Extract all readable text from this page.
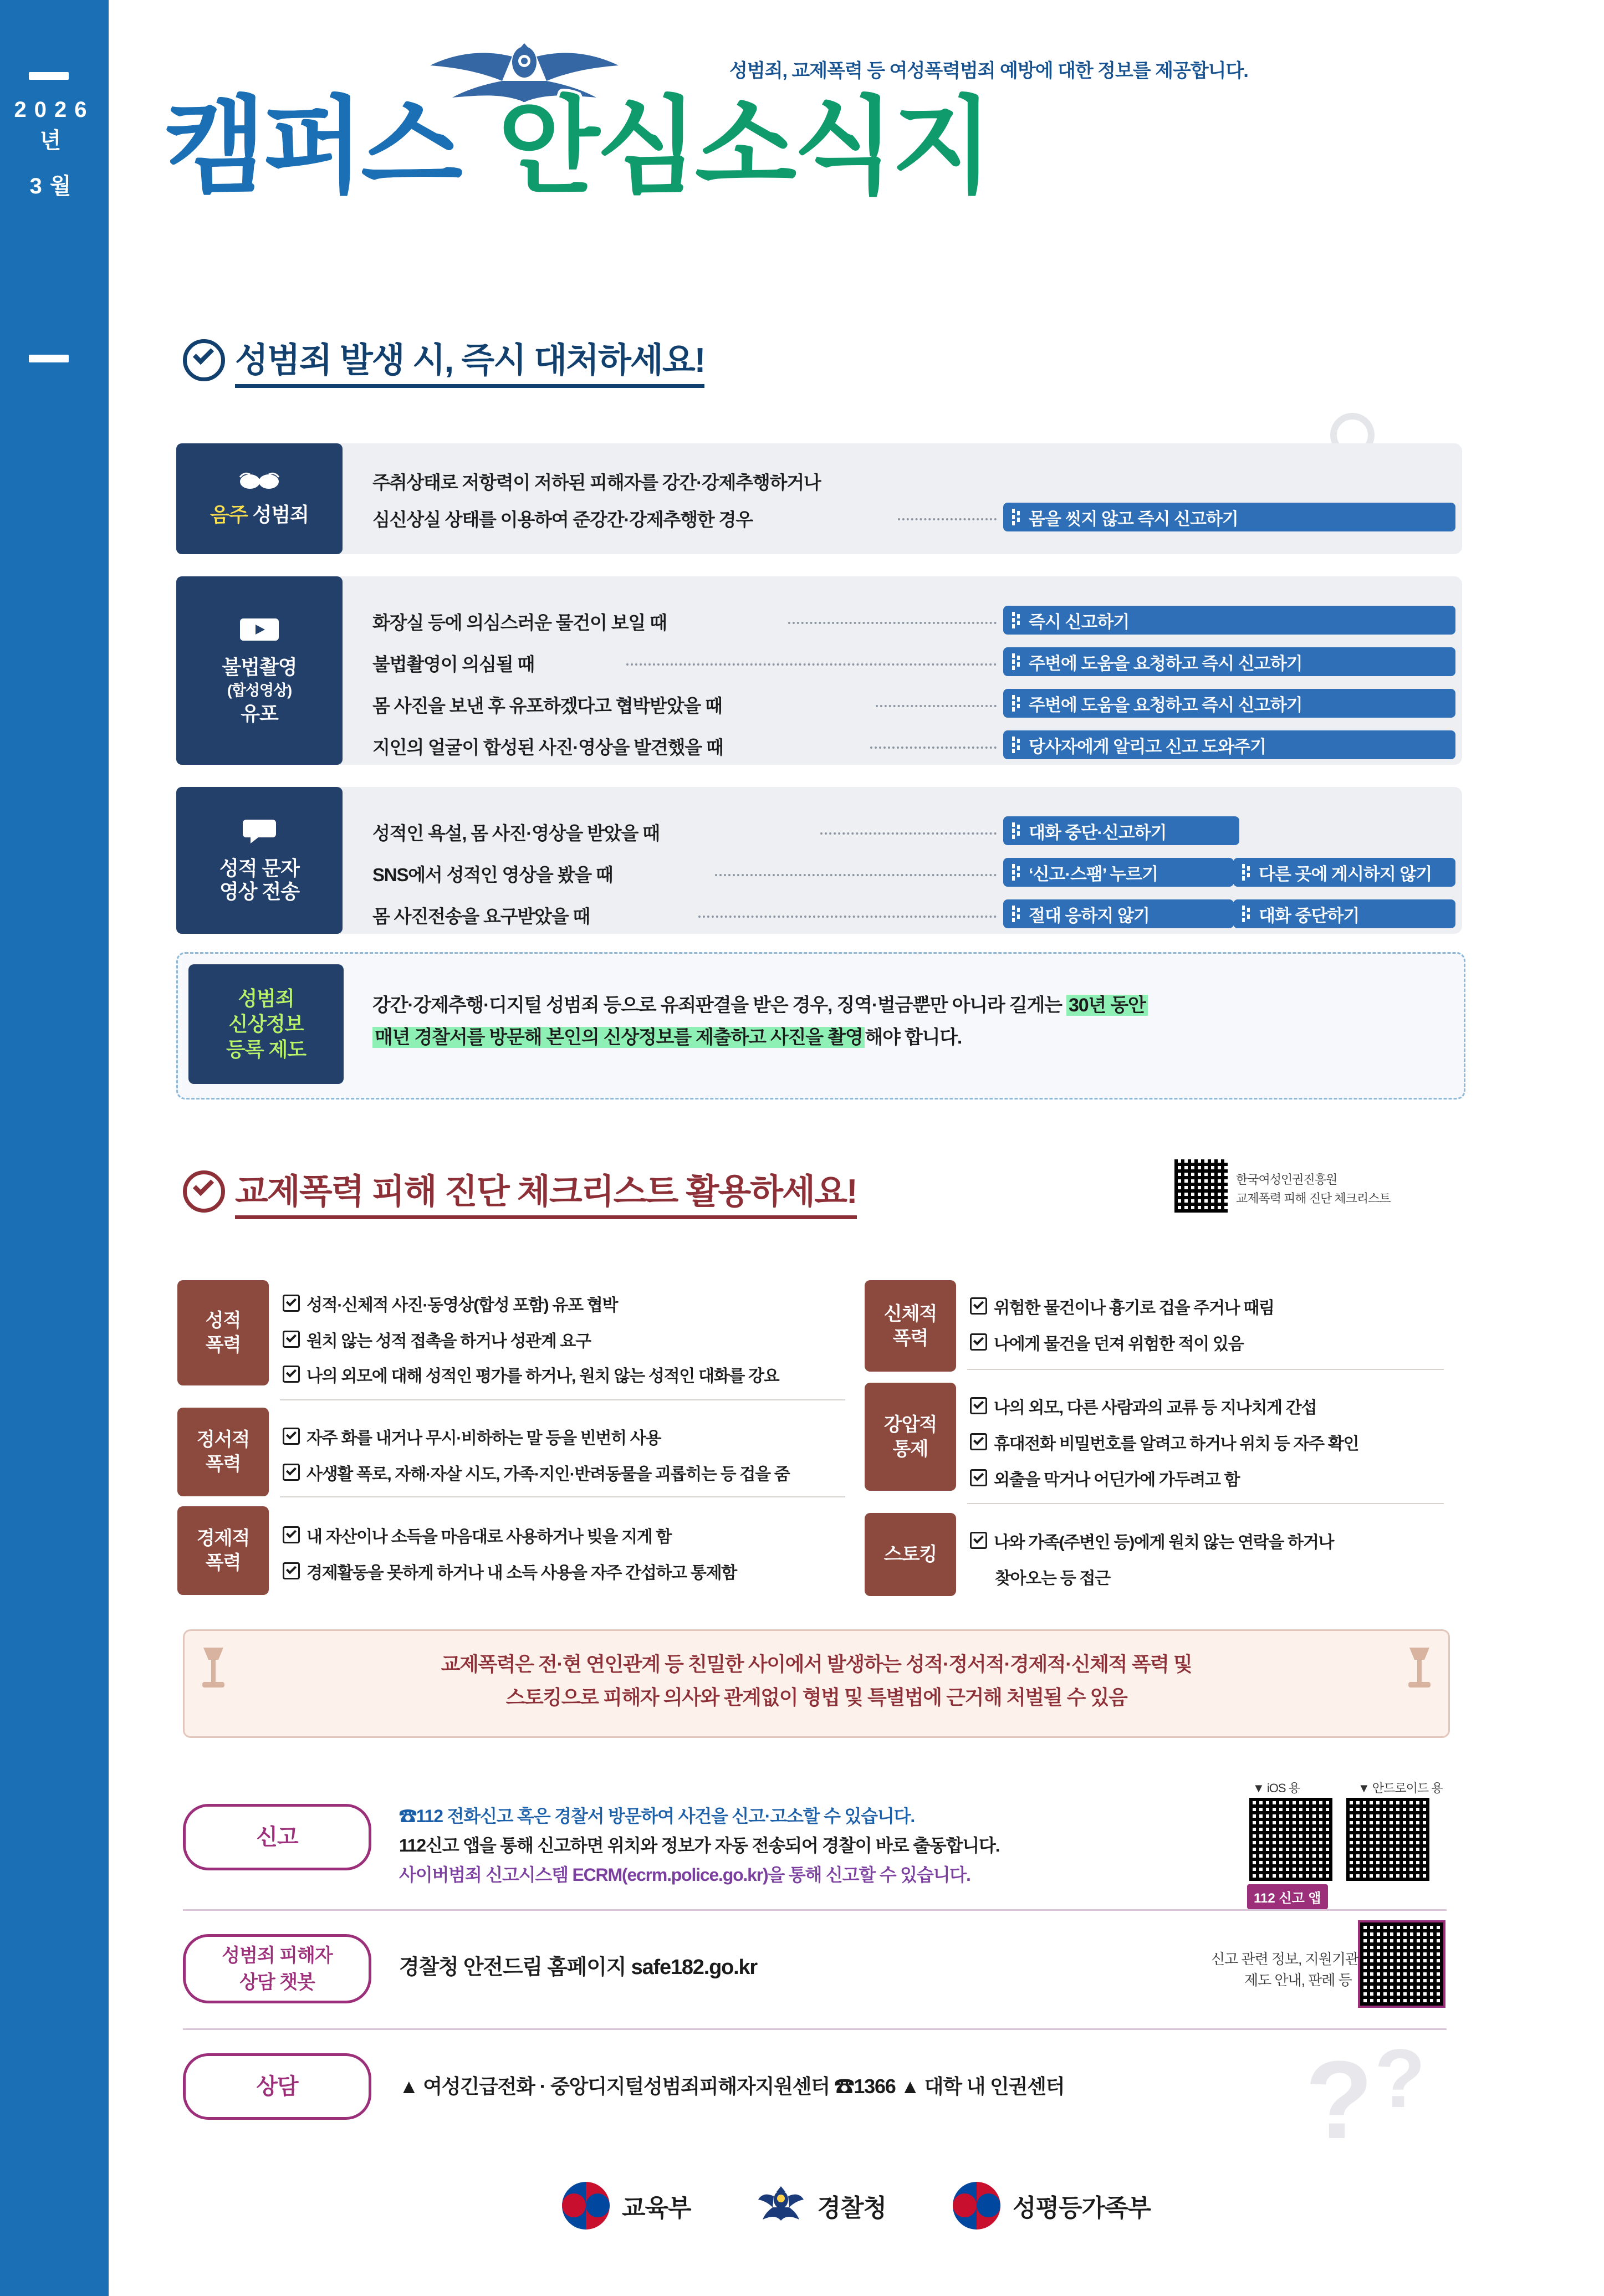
2026년
3월
성범죄, 교제폭력 등 여성폭력범죄 예방에 대한 정보를 제공합니다.
캠퍼스 안심소식지
성범죄 발생 시, 즉시 대처하세요!
음주 성범죄
주취상태로 저항력이 저하된 피해자를 강간·강제추행하거나
심신상실 상태를 이용하여 준강간·강제추행한 경우	몸을 씻지 않고 즉시 신고하기
불법촬영
(합성영상)
유포
화장실 등에 의심스러운 물건이 보일 때	즉시 신고하기
불법촬영이 의심될 때	주변에 도움을 요청하고 즉시 신고하기
몸 사진을 보낸 후 유포하겠다고 협박받았을 때	주변에 도움을 요청하고 즉시 신고하기
지인의 얼굴이 합성된 사진·영상을 발견했을 때	당사자에게 알리고 신고 도와주기
성적 문자
영상 전송
성적인 욕설, 몸 사진·영상을 받았을 때	대화 중단·신고하기
SNS에서 성적인 영상을 봤을 때	‘신고·스팸’ 누르기	다른 곳에 게시하지 않기
몸 사진전송을 요구받았을 때	절대 응하지 않기	대화 중단하기
성범죄
신상정보
등록 제도
강간·강제추행·디지털 성범죄 등으로 유죄판결을 받은 경우, 징역·벌금뿐만 아니라 길게는 30년 동안
매년 경찰서를 방문해 본인의 신상정보를 제출하고 사진을 촬영 해야 합니다.
교제폭력 피해 진단 체크리스트 활용하세요!	한국여성인권진흥원
교제폭력 피해 진단 체크리스트
성적
폭력
성적·신체적 사진·동영상(합성 포함) 유포 협박
원치 않는 성적 접촉을 하거나 성관계 요구
나의 외모에 대해 성적인 평가를 하거나, 원치 않는 성적인 대화를 강요
정서적
폭력
자주 화를 내거나 무시·비하하는 말 등을 빈번히 사용
사생활 폭로, 자해·자살 시도, 가족·지인·반려동물을 괴롭히는 등 겁을 줌
경제적
폭력
내 자산이나 소득을 마음대로 사용하거나 빚을 지게 함
경제활동을 못하게 하거나 내 소득 사용을 자주 간섭하고 통제함
신체적
폭력
위험한 물건이나 흉기로 겁을 주거나 때림
나에게 물건을 던져 위험한 적이 있음
강압적
통제
나의 외모, 다른 사람과의 교류 등 지나치게 간섭
휴대전화 비밀번호를 알려고 하거나 위치 등 자주 확인
외출을 막거나 어딘가에 가두려고 함
스토킹
나와 가족(주변인 등)에게 원치 않는 연락을 하거나
찾아오는 등 접근
교제폭력은 전·현 연인관계 등 친밀한 사이에서 발생하는 성적·정서적·경제적·신체적 폭력 및
스토킹으로 피해자 의사와 관계없이 형법 및 특별법에 근거해 처벌될 수 있음
신고
☎112 전화신고 혹은 경찰서 방문하여 사건을 신고·고소할 수 있습니다.
112신고 앱을 통해 신고하면 위치와 정보가 자동 전송되어 경찰이 바로 출동합니다.
사이버범죄 신고시스템 ECRM(ecrm.police.go.kr)을 통해 신고할 수 있습니다.
▼ iOS 용	▼ 안드로이드 용
112 신고 앱
성범죄 피해자
상담 챗봇
경찰청 안전드림 홈페이지 safe182.go.kr	신고 관련 정보, 지원기관
제도 안내, 판례 등
상담	▲ 여성긴급전화 · 중앙디지털성범죄피해자지원센터 ☎1366 ▲ 대학 내 인권센터 ? ?
교육부	경찰청	성평등가족부
